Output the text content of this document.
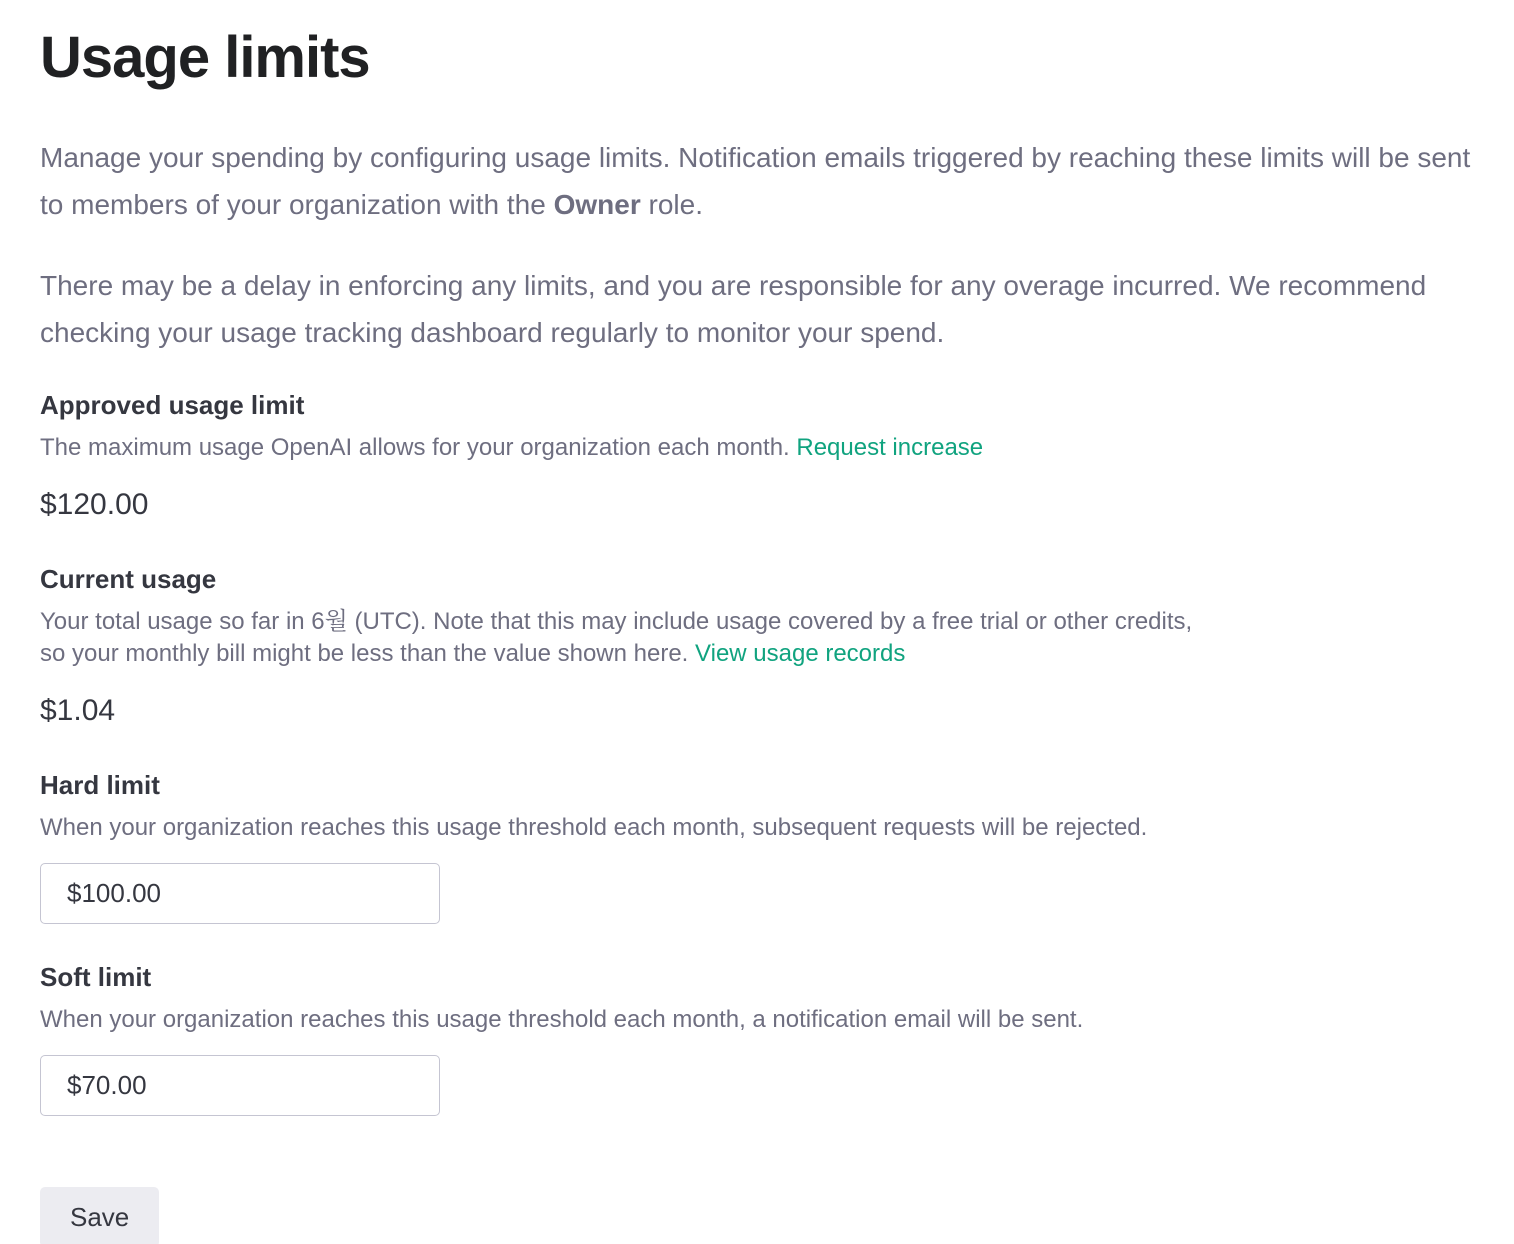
Usage limits

Manage your spending by configuring usage limits. Notification emails triggered by reaching these limits will be sent to members of your organization with the Owner role.

There may be a delay in enforcing any limits, and you are responsible for any overage incurred. We recommend checking your usage tracking dashboard regularly to monitor your spend.

Approved usage limit
The maximum usage OpenAI allows for your organization each month. Request increase
$120.00
Current usage
Your total usage so far in 6월 (UTC). Note that this may include usage covered by a free trial or other credits,
so your monthly bill might be less than the value shown here. View usage records
$1.04
Hard limit
When your organization reaches this usage threshold each month, subsequent requests will be rejected.
$100.00
Soft limit
When your organization reaches this usage threshold each month, a notification email will be sent.
$70.00
Save
